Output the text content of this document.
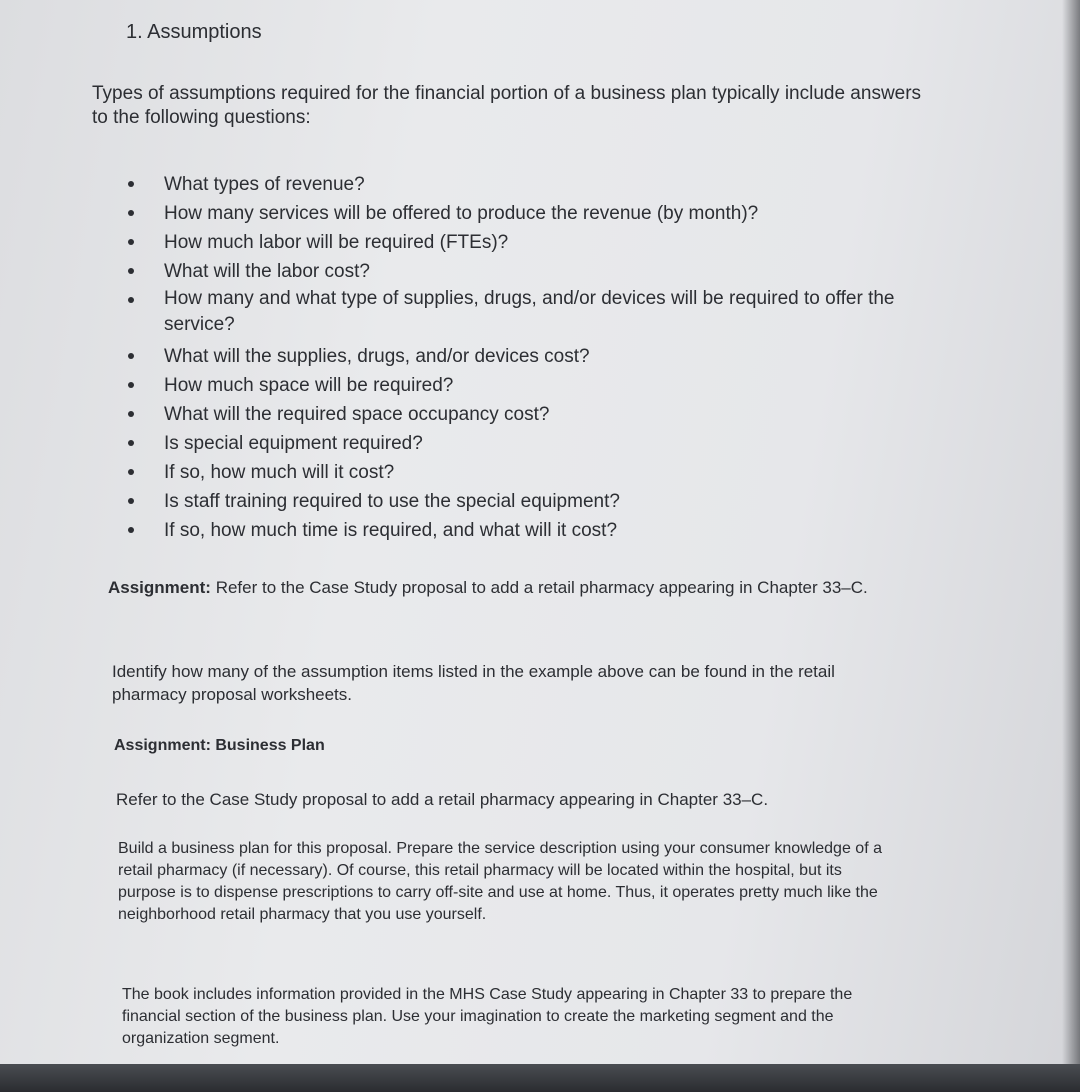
1. Assumptions
Types of assumptions required for the financial portion of a business plan typically include answers to the following questions:
What types of revenue?
How many services will be offered to produce the revenue (by month)?
How much labor will be required (FTEs)?
What will the labor cost?
How many and what type of supplies, drugs, and/or devices will be required to offer the service?
What will the supplies, drugs, and/or devices cost?
How much space will be required?
What will the required space occupancy cost?
Is special equipment required?
If so, how much will it cost?
Is staff training required to use the special equipment?
If so, how much time is required, and what will it cost?
Assignment: Refer to the Case Study proposal to add a retail pharmacy appearing in Chapter 33–C.
Identify how many of the assumption items listed in the example above can be found in the retail pharmacy proposal worksheets.
Assignment: Business Plan
Refer to the Case Study proposal to add a retail pharmacy appearing in Chapter 33–C.
Build a business plan for this proposal. Prepare the service description using your consumer knowledge of a retail pharmacy (if necessary). Of course, this retail pharmacy will be located within the hospital, but its purpose is to dispense prescriptions to carry off-site and use at home. Thus, it operates pretty much like the neighborhood retail pharmacy that you use yourself.
The book includes information provided in the MHS Case Study appearing in Chapter 33 to prepare the financial section of the business plan. Use your imagination to create the marketing segment and the organization segment.
